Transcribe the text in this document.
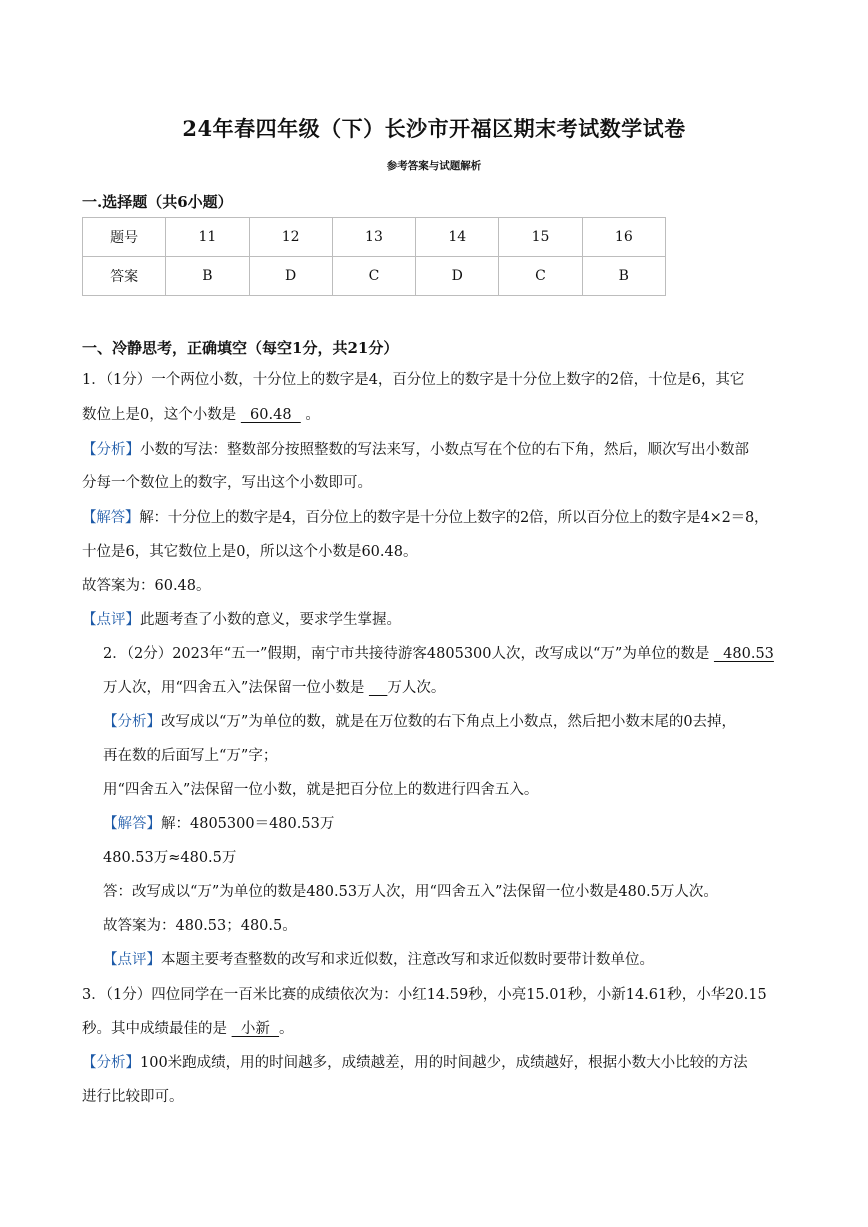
24年春四年级（下）长沙市开福区期末考试数学试卷
参考答案与试题解析
一.选择题（共6小题）
题号	11	12	13	14	15	16
答案	B	D	C	D	C	B
一、冷静思考，正确填空（每空1分，共21分）
1．（1分）一个两位小数，十分位上的数字是4，百分位上的数字是十分位上数字的2倍，十位是6，其它
数位上是0，这个小数是   60.48   。
【分析】小数的写法：整数部分按照整数的写法来写，小数点写在个位的右下角，然后，顺次写出小数部
分每一个数位上的数字，写出这个小数即可。
【解答】解：十分位上的数字是4，百分位上的数字是十分位上数字的2倍，所以百分位上的数字是4×2＝8，
十位是6，其它数位上是0，所以这个小数是60.48。
故答案为：60.48。
【点评】此题考查了小数的意义，要求学生掌握。
2．（2分）2023年“五一”假期，南宁市共接待游客4805300人次，改写成以“万”为单位的数是   480.53
万人次，用“四舍五入”法保留一位小数是 万人次。
【分析】改写成以“万”为单位的数，就是在万位数的右下角点上小数点，然后把小数末尾的0去掉，
再在数的后面写上“万”字；
用“四舍五入”法保留一位小数，就是把百分位上的数进行四舍五入。
【解答】解：4805300＝480.53万
480.53万≈480.5万
答：改写成以“万”为单位的数是480.53万人次，用“四舍五入”法保留一位小数是480.5万人次。
故答案为：480.53；480.5。
【点评】本题主要考查整数的改写和求近似数，注意改写和求近似数时要带计数单位。
3．（1分）四位同学在一百米比赛的成绩依次为：小红14.59秒，小亮15.01秒，小新14.61秒，小华20.15
秒。其中成绩最佳的是   小新  。
【分析】100米跑成绩，用的时间越多，成绩越差，用的时间越少，成绩越好，根据小数大小比较的方法
进行比较即可。
